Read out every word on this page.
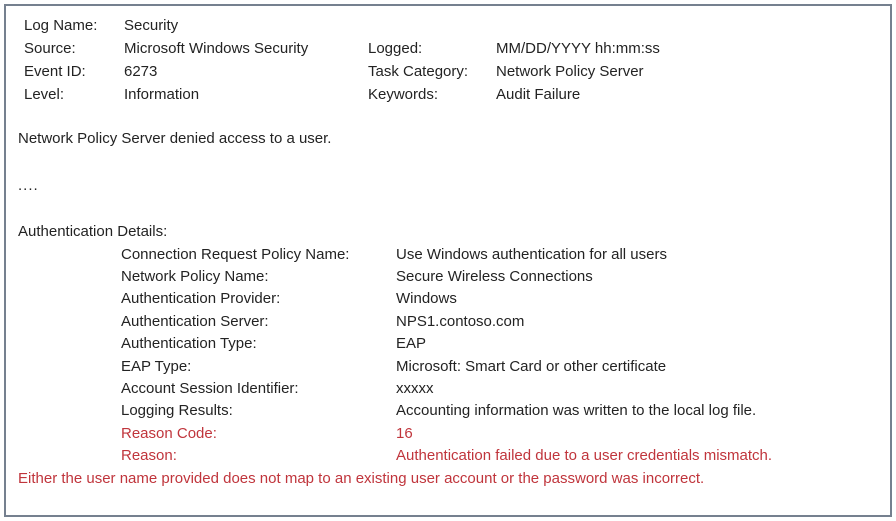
Log Name:	Security
Source:	Microsoft Windows Security	Logged:	MM/DD/YYYY hh:mm:ss
Event ID:	6273	Task Category:	Network Policy Server
Level:	Information	Keywords:	Audit Failure

Network Policy Server denied access to a user.

....

Authentication Details:

Connection Request Policy Name:	Use Windows authentication for all users
Network Policy Name:	Secure Wireless Connections
Authentication Provider:	Windows
Authentication Server:	NPS1.contoso.com
Authentication Type:	EAP
EAP Type:	Microsoft: Smart Card or other certificate
Account Session Identifier:	xxxxx
Logging Results:	Accounting information was written to the local log file.
Reason Code:	16
Reason:	Authentication failed due to a user credentials mismatch.

Either the user name provided does not map to an existing user account or the password was incorrect.
